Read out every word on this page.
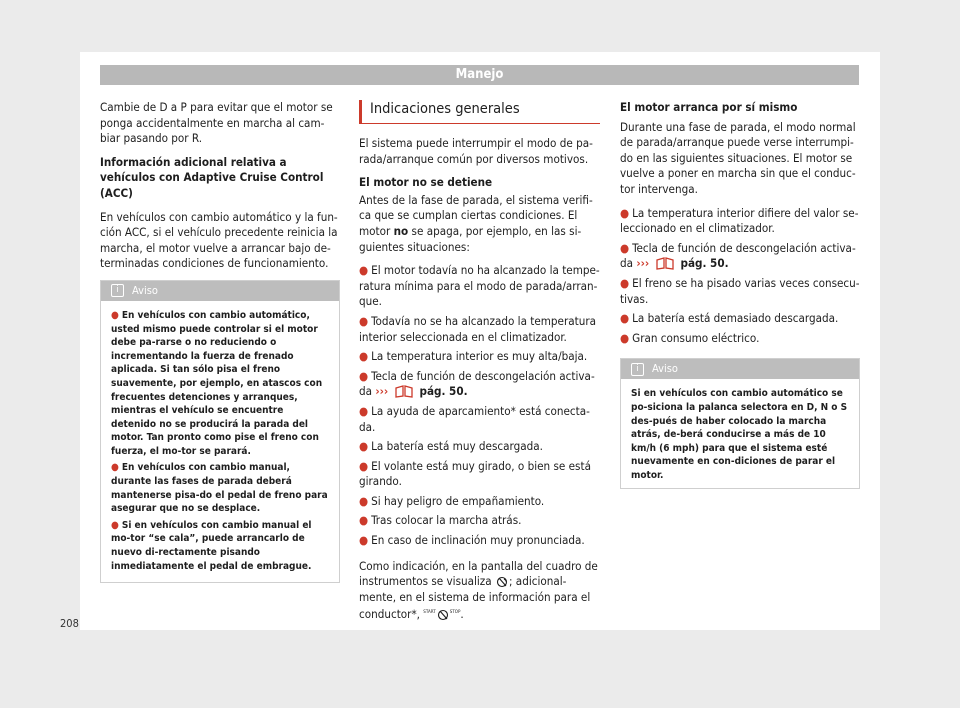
Manejo

Cambie de D a P para evitar que el motor se ponga accidentalmente en marcha al cam-biar pasando por R.

Información adicional relativa a vehículos con Adaptive Cruise Control (ACC)

En vehículos con cambio automático y la fun-ción ACC, si el vehículo precedente reinicia la marcha, el motor vuelve a arrancar bajo de-terminadas condiciones de funcionamiento.

i Aviso
● En vehículos con cambio automático, usted mismo puede controlar si el motor debe pa-rarse o no reduciendo o incrementando la fuerza de frenado aplicada. Si tan sólo pisa el freno suavemente, por ejemplo, en atascos con frecuentes detenciones y arranques, mientras el vehículo se encuentre detenido no se producirá la parada del motor. Tan pronto como pise el freno con fuerza, el mo-tor se parará.
● En vehículos con cambio manual, durante las fases de parada deberá mantenerse pisa-do el pedal de freno para asegurar que no se desplace.
● Si en vehículos con cambio manual el mo-tor “se cala”, puede arrancarlo de nuevo di-rectamente pisando inmediatamente el pedal de embrague.
Indicaciones generales

El sistema puede interrumpir el modo de pa-rada/arranque común por diversos motivos.

El motor no se detiene

Antes de la fase de parada, el sistema verifi-ca que se cumplan ciertas condiciones. El motor no se apaga, por ejemplo, en las si-guientes situaciones:

● El motor todavía no ha alcanzado la tempe-ratura mínima para el modo de parada/arran-que.
● Todavía no se ha alcanzado la temperatura interior seleccionada en el climatizador.
● La temperatura interior es muy alta/baja.
● Tecla de función de descongelación activa-da ›››	pág. 50.
● La ayuda de aparcamiento* está conecta-da.
● La batería está muy descargada.
● El volante está muy girado, o bien se está girando.
● Si hay peligro de empañamiento.
● Tras colocar la marcha atrás.
● En caso de inclinación muy pronunciada.

Como indicación, en la pantalla del cuadro de instrumentos se visualiza ; adicional-mente, en el sistema de información para el conductor*, $^{START}$	$^{STOP}$.

El motor arranca por sí mismo

Durante una fase de parada, el modo normal de parada/arranque puede verse interrumpi-do en las siguientes situaciones. El motor se vuelve a poner en marcha sin que el conduc-tor intervenga.

● La temperatura interior difiere del valor se-leccionado en el climatizador.
● Tecla de función de descongelación activa-da ›››	pág. 50.
● El freno se ha pisado varias veces consecu-tivas.
● La batería está demasiado descargada.
● Gran consumo eléctrico.
i Aviso
Si en vehículos con cambio automático se po-siciona la palanca selectora en D, N o S des-pués de haber colocado la marcha atrás, de-berá conducirse a más de 10 km/h (6 mph) para que el sistema esté nuevamente en con-diciones de parar el motor.
208
